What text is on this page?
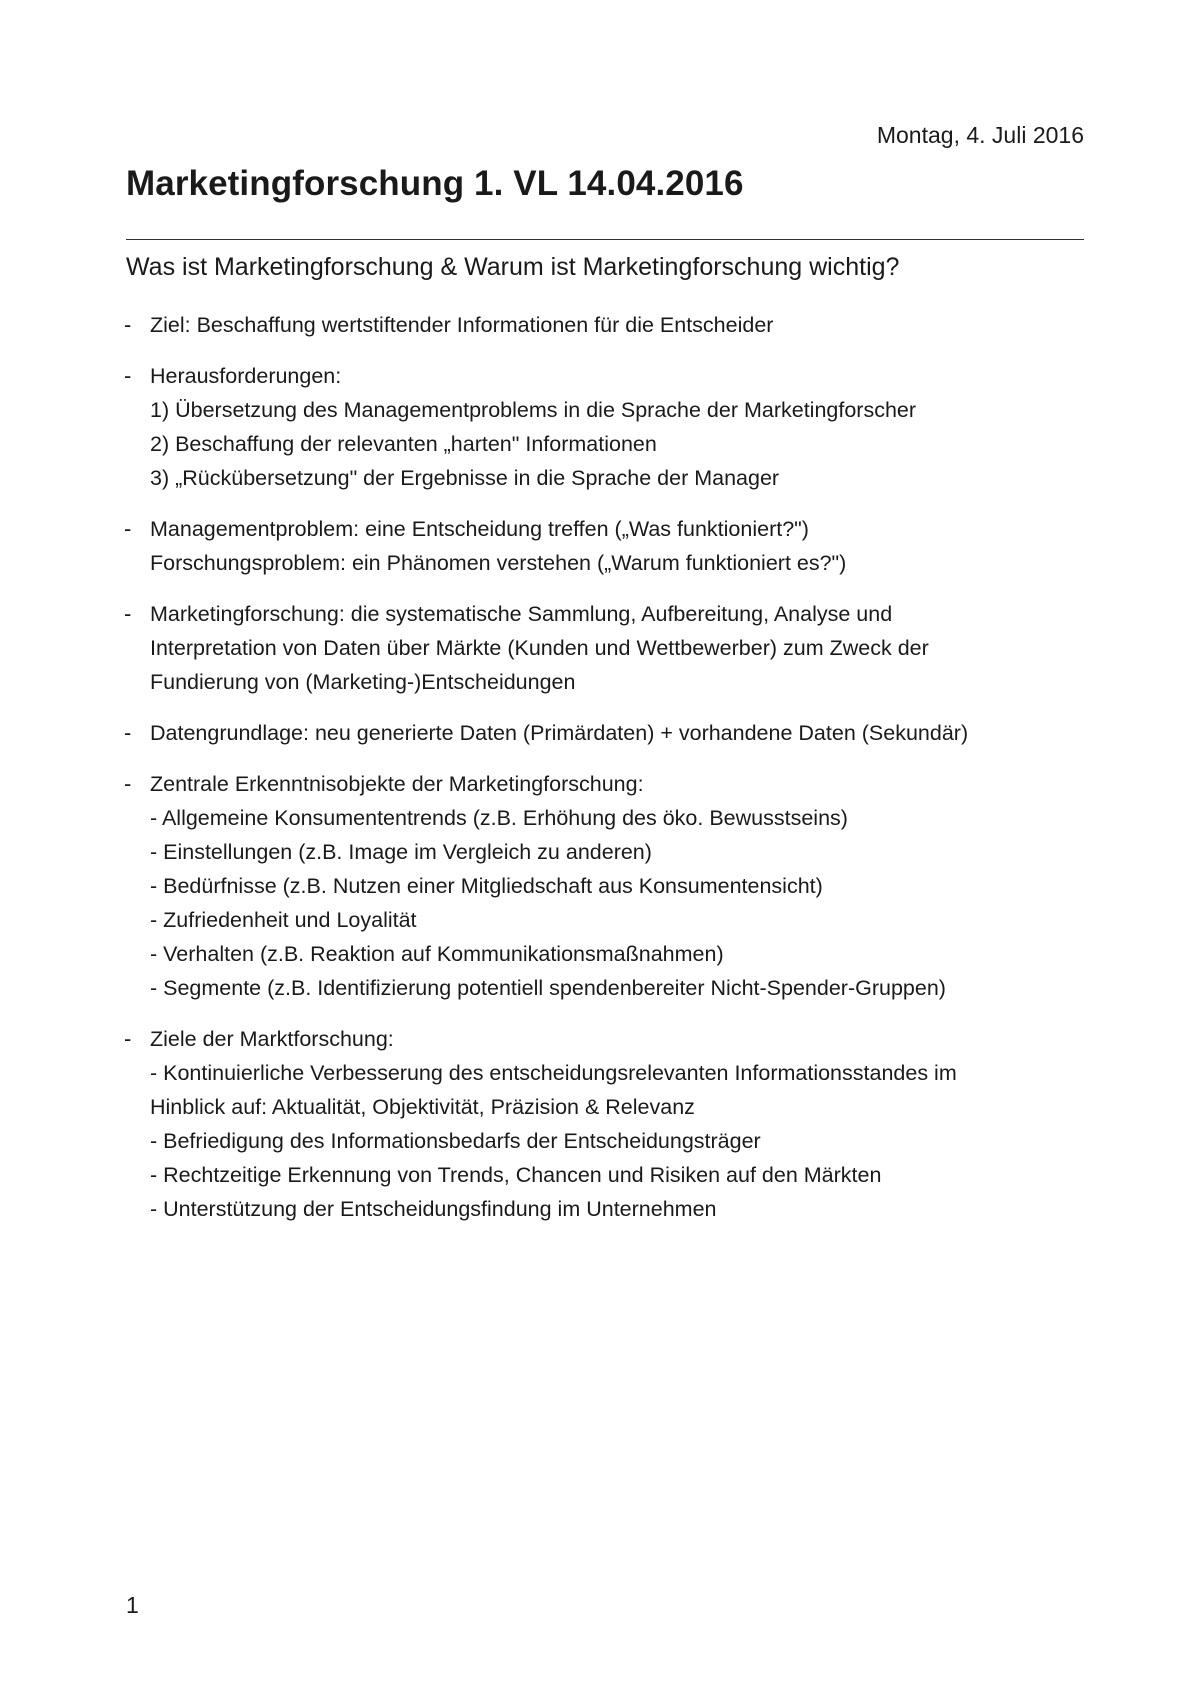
Montag, 4. Juli 2016
Marketingforschung 1. VL 14.04.2016
Was ist Marketingforschung & Warum ist Marketingforschung wichtig?
- Ziel: Beschaffung wertstiftender Informationen für die Entscheider
- Herausforderungen:
1) Übersetzung des Managementproblems in die Sprache der Marketingforscher
2) Beschaffung der relevanten „harten" Informationen
3) „Rückübersetzung" der Ergebnisse in die Sprache der Manager
- Managementproblem: eine Entscheidung treffen („Was funktioniert?")
Forschungsproblem: ein Phänomen verstehen („Warum funktioniert es?")
- Marketingforschung: die systematische Sammlung, Aufbereitung, Analyse und
Interpretation von Daten über Märkte (Kunden und Wettbewerber) zum Zweck der
Fundierung von (Marketing-)Entscheidungen
- Datengrundlage: neu generierte Daten (Primärdaten) + vorhandene Daten (Sekundär)
- Zentrale Erkenntnisobjekte der Marketingforschung:
- Allgemeine Konsumententrends (z.B. Erhöhung des öko. Bewusstseins)
- Einstellungen (z.B. Image im Vergleich zu anderen)
- Bedürfnisse (z.B. Nutzen einer Mitgliedschaft aus Konsumentensicht)
- Zufriedenheit und Loyalität
- Verhalten (z.B. Reaktion auf Kommunikationsmaßnahmen)
- Segmente (z.B. Identifizierung potentiell spendenbereiter Nicht-Spender-Gruppen)
- Ziele der Marktforschung:
- Kontinuierliche Verbesserung des entscheidungsrelevanten Informationsstandes im
Hinblick auf: Aktualität, Objektivität, Präzision & Relevanz
- Befriedigung des Informationsbedarfs der Entscheidungsträger
- Rechtzeitige Erkennung von Trends, Chancen und Risiken auf den Märkten
- Unterstützung der Entscheidungsfindung im Unternehmen
1
